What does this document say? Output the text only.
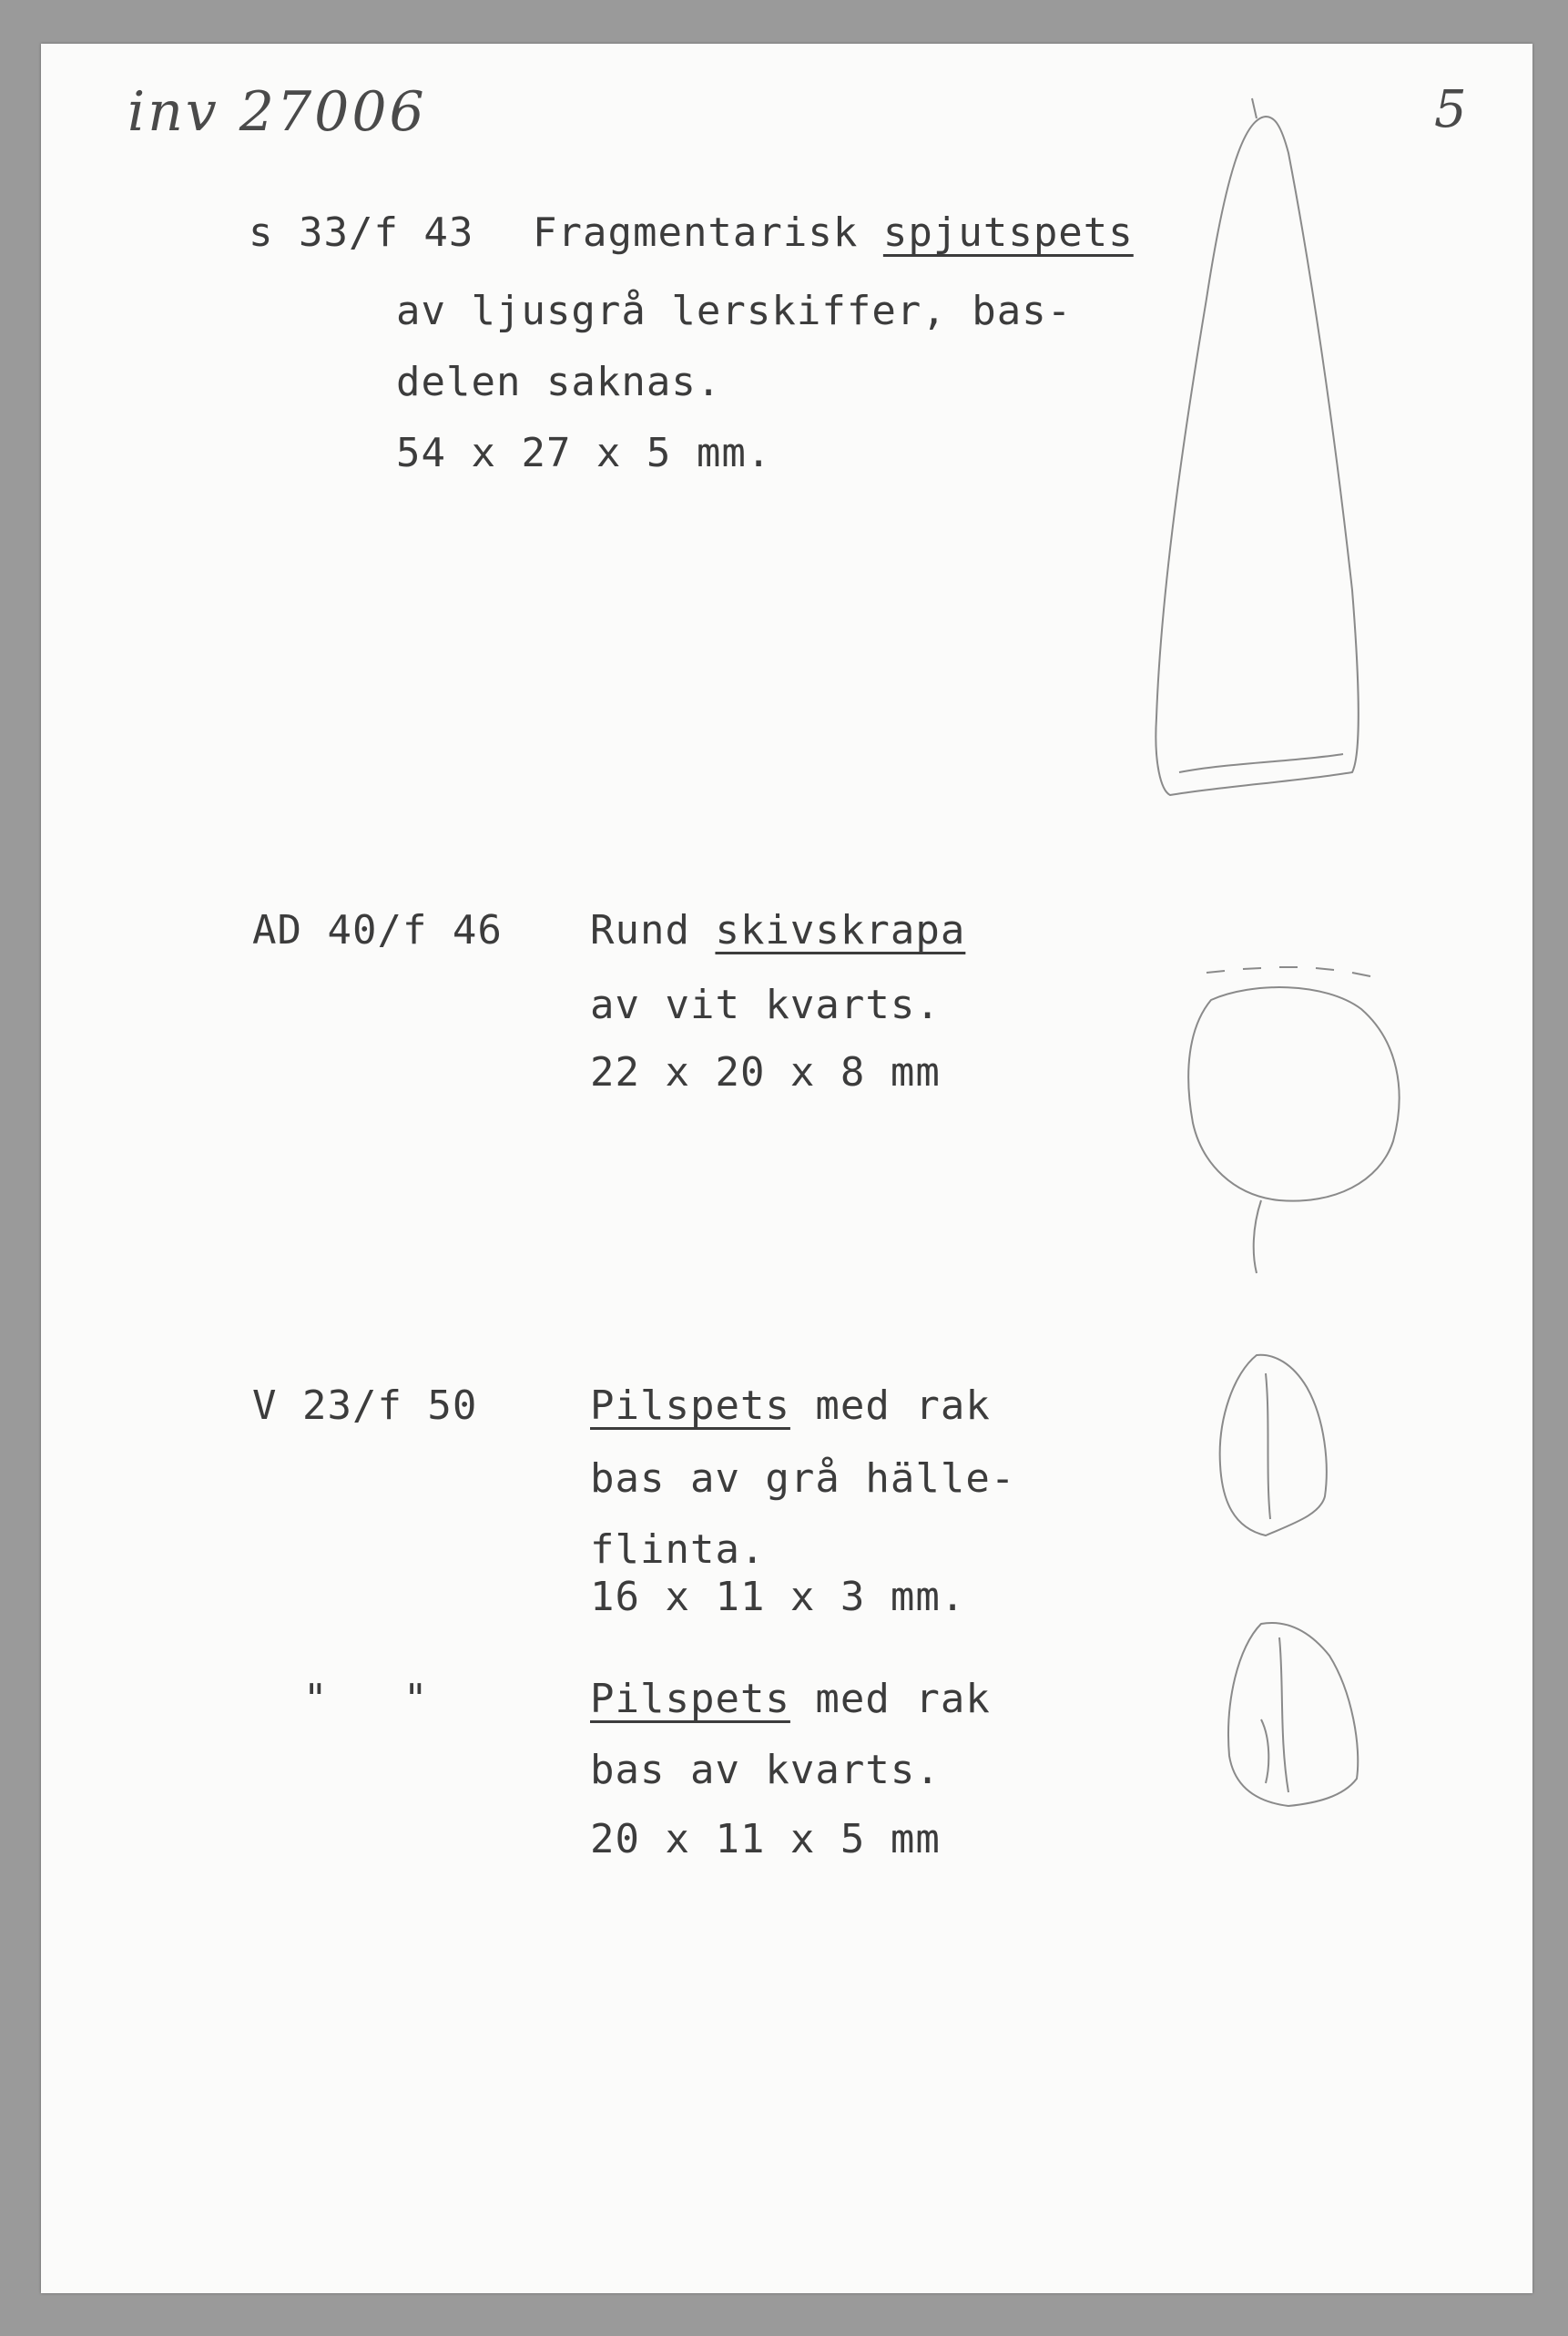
inv 27006	5
s 33/f 43 Fragmentarisk spjutspets
av ljusgrå lerskiffer, bas-
delen saknas.
54 x 27 x 5 mm.
AD 40/f 46 Rund skivskrapa
av vit kvarts.
22 x 20 x 8 mm
V 23/f 50	Pilspets med rak
bas av grå hälle-
flinta.
16 x 11 x 3 mm.
"   "	Pilspets med rak
bas av kvarts.
20 x 11 x 5 mm
